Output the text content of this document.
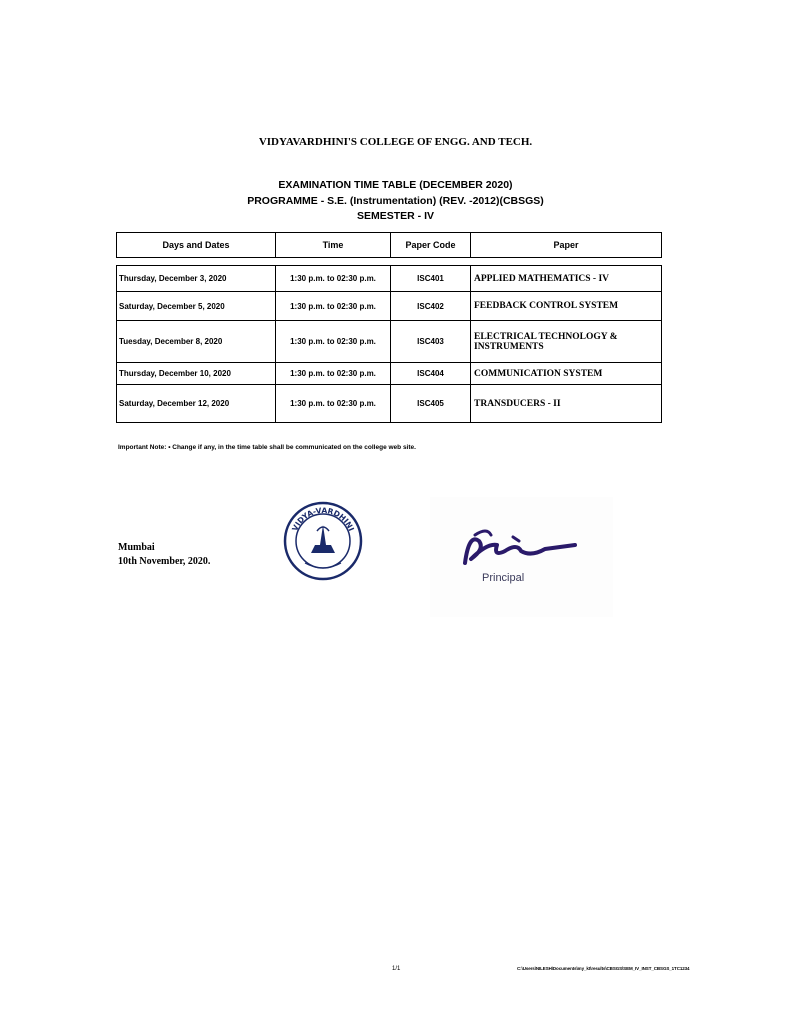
VIDYAVARDHINI'S COLLEGE OF ENGG. AND TECH.
EXAMINATION TIME TABLE (DECEMBER 2020)
PROGRAMME - S.E. (Instrumentation) (REV. -2012)(CBSGS)
SEMESTER - IV
Days and Dates	Time	Paper Code	Paper
Thursday, December 3, 2020	1:30 p.m. to 02:30 p.m.	ISC401	APPLIED MATHEMATICS - IV
Saturday, December 5, 2020	1:30 p.m. to 02:30 p.m.	ISC402	FEEDBACK CONTROL SYSTEM
Tuesday, December 8, 2020	1:30 p.m. to 02:30 p.m.	ISC403	ELECTRICAL TECHNOLOGY & INSTRUMENTS
Thursday, December 10, 2020	1:30 p.m. to 02:30 p.m.	ISC404	COMMUNICATION SYSTEM
Saturday, December 12, 2020	1:30 p.m. to 02:30 p.m.	ISC405	TRANSDUCERS - II
Important Note: • Change if any, in the time table shall be communicated on the college web site.
Mumbai
10th November, 2020.
VIDYA-VARDHINI
Principal
1/1	C:\Users\NILESH\Documents\my_kt\results\CBSGS\SEM_IV_INST_CBSGS_1TC1234
